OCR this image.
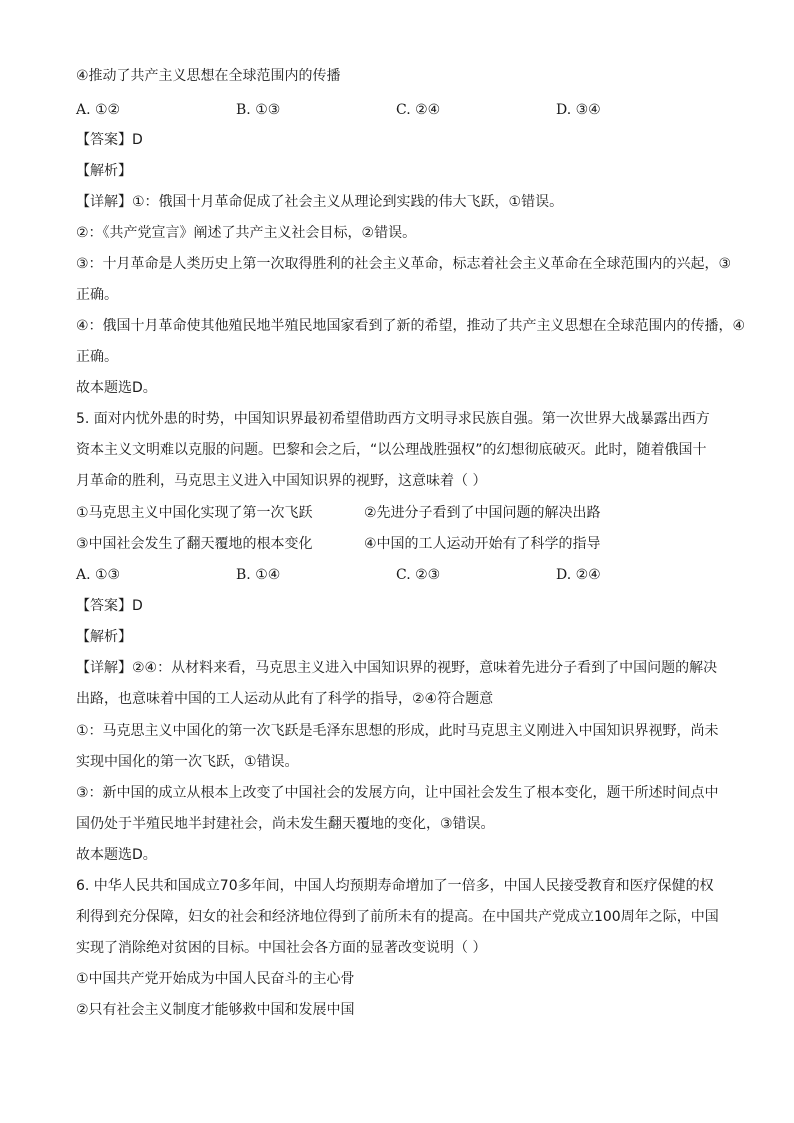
④推动了共产主义思想在全球范围内的传播
A. ①②	B. ①③	C. ②④	D. ③④
【答案】D
【解析】
【详解】①：俄国十月革命促成了社会主义从理论到实践的伟大飞跃，①错误。
②：《共产党宣言》阐述了共产主义社会目标，②错误。
③：十月革命是人类历史上第一次取得胜利的社会主义革命，标志着社会主义革命在全球范围内的兴起，③
正确。
④：俄国十月革命使其他殖民地半殖民地国家看到了新的希望，推动了共产主义思想在全球范围内的传播，④
正确。
故本题选D。
5. 面对内忧外患的时势，中国知识界最初希望借助西方文明寻求民族自强。第一次世界大战暴露出西方
资本主义文明难以克服的问题。巴黎和会之后，“以公理战胜强权”的幻想彻底破灭。此时，随着俄国十
月革命的胜利，马克思主义进入中国知识界的视野，这意味着（ ）
①马克思主义中国化实现了第一次飞跃	②先进分子看到了中国问题的解决出路
③中国社会发生了翻天覆地的根本变化	④中国的工人运动开始有了科学的指导
A. ①③	B. ①④	C. ②③	D. ②④
【答案】D
【解析】
【详解】②④：从材料来看，马克思主义进入中国知识界的视野，意味着先进分子看到了中国问题的解决
出路，也意味着中国的工人运动从此有了科学的指导，②④符合题意
①：马克思主义中国化的第一次飞跃是毛泽东思想的形成，此时马克思主义刚进入中国知识界视野，尚未
实现中国化的第一次飞跃，①错误。
③：新中国的成立从根本上改变了中国社会的发展方向，让中国社会发生了根本变化，题干所述时间点中
国仍处于半殖民地半封建社会，尚未发生翻天覆地的变化，③错误。
故本题选D。
6. 中华人民共和国成立70多年间，中国人均预期寿命增加了一倍多，中国人民接受教育和医疗保健的权
利得到充分保障，妇女的社会和经济地位得到了前所未有的提高。在中国共产党成立100周年之际，中国
实现了消除绝对贫困的目标。中国社会各方面的显著改变说明（ ）
①中国共产党开始成为中国人民奋斗的主心骨
②只有社会主义制度才能够救中国和发展中国
